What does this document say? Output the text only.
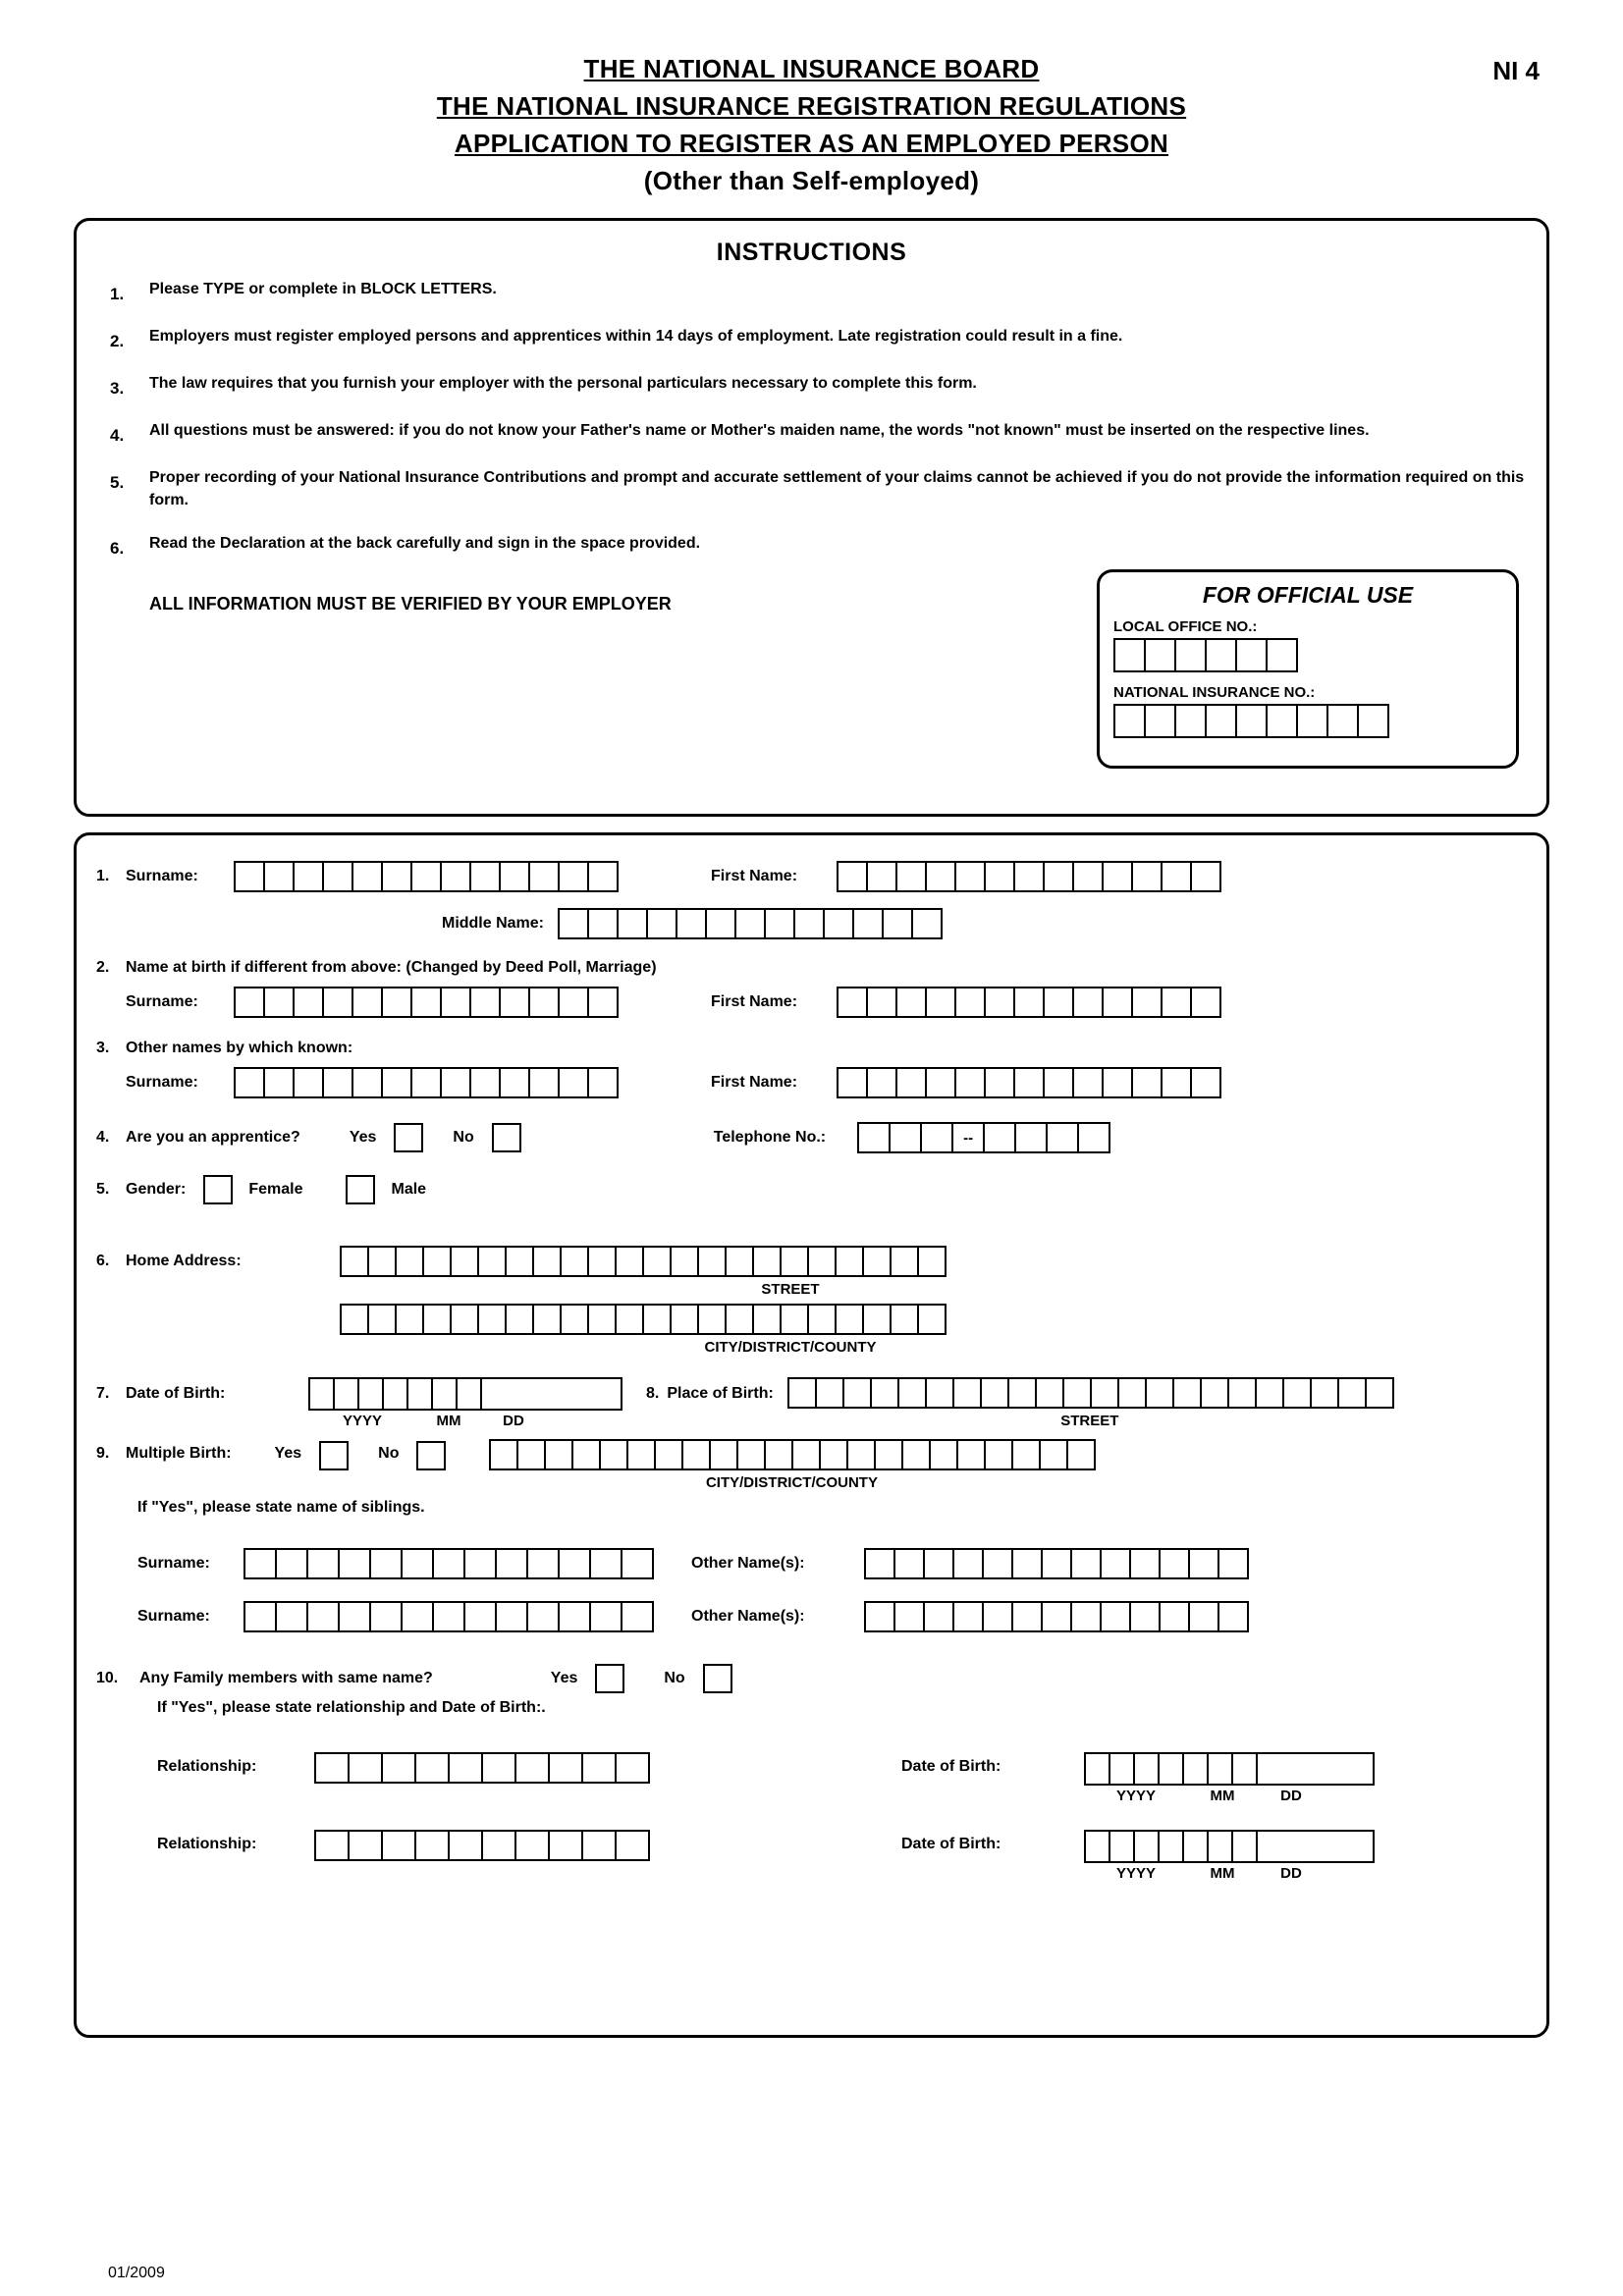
NI 4
THE NATIONAL INSURANCE BOARD
THE NATIONAL INSURANCE REGISTRATION REGULATIONS
APPLICATION TO REGISTER AS AN EMPLOYED PERSON
(Other than Self-employed)
INSTRUCTIONS
1.	Please TYPE or complete in BLOCK LETTERS.
2.	Employers must register employed persons and apprentices within 14 days of employment. Late registration could result in a fine.
3.	The law requires that you furnish your employer with the personal particulars necessary to complete this form.
4.	All questions must be answered: if you do not know your Father's name or Mother's maiden name, the words "not known" must be inserted on the respective lines.
5.	Proper recording of your National Insurance Contributions and prompt and accurate settlement of your claims cannot be achieved if you do not provide the information required on this form.
6.	Read the Declaration at the back carefully and sign in the space provided.
ALL INFORMATION MUST BE VERIFIED BY YOUR EMPLOYER	FOR OFFICIAL USE
LOCAL OFFICE NO.:
NATIONAL INSURANCE NO.:
1.	Surname:	First Name:
Middle Name:
2.	Name at birth if different from above: (Changed by Deed Poll, Marriage)
Surname:	First Name:
3.	Other names by which known:
Surname:	First Name:
4.	Are you an apprentice?	Yes	No	Telephone No.:	--
5.	Gender:	Female	Male
6.	Home Address:
STREET
CITY/DISTRICT/COUNTY
7.	Date of Birth:
YYYY	MM	DD
8. Place of Birth:
STREET
9.	Multiple Birth:	Yes	No
CITY/DISTRICT/COUNTY
If "Yes", please state name of siblings.
Surname:	Other Name(s):
Surname:	Other Name(s):
10.	Any Family members with same name?	Yes	No
If "Yes", please state relationship and Date of Birth:.
Relationship:	Date of Birth:
YYYY	MM	DD
Relationship:	Date of Birth:
YYYY	MM	DD
01/2009
